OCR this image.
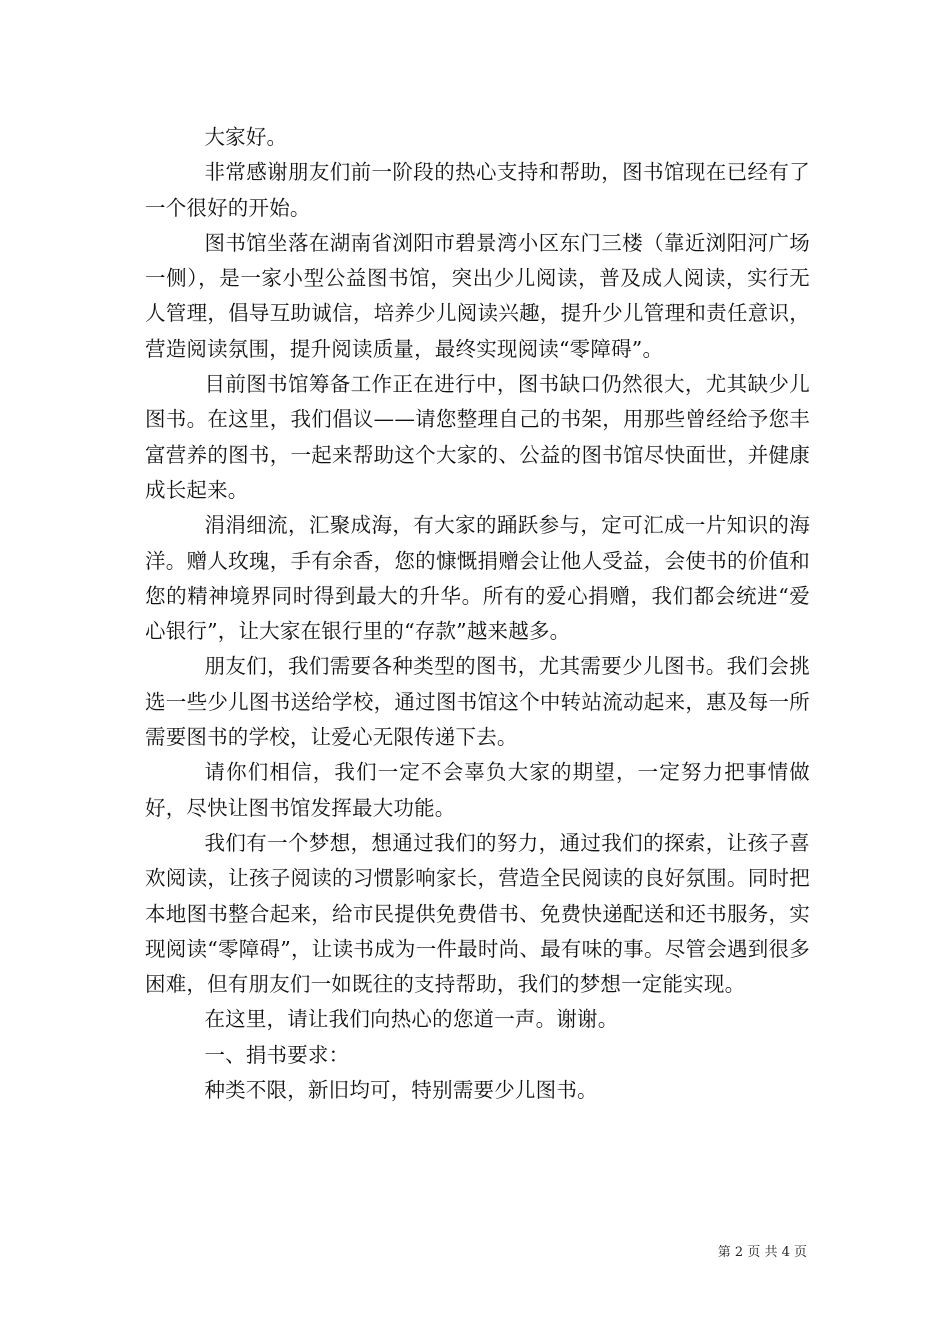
大家好。

非常感谢朋友们前一阶段的热心支持和帮助，图书馆现在已经有了一个很好的开始。

图书馆坐落在湖南省浏阳市碧景湾小区东门三楼（靠近浏阳河广场一侧），是一家小型公益图书馆，突出少儿阅读，普及成人阅读，实行无人管理，倡导互助诚信，培养少儿阅读兴趣，提升少儿管理和责任意识，营造阅读氛围，提升阅读质量，最终实现阅读“零障碍”。

目前图书馆筹备工作正在进行中，图书缺口仍然很大，尤其缺少儿图书。在这里，我们倡议——请您整理自己的书架，用那些曾经给予您丰富营养的图书，一起来帮助这个大家的、公益的图书馆尽快面世，并健康成长起来。

涓涓细流，汇聚成海，有大家的踊跃参与，定可汇成一片知识的海洋。赠人玫瑰，手有余香，您的慷慨捐赠会让他人受益，会使书的价值和您的精神境界同时得到最大的升华。所有的爱心捐赠，我们都会统进“爱心银行”，让大家在银行里的“存款”越来越多。

朋友们，我们需要各种类型的图书，尤其需要少儿图书。我们会挑选一些少儿图书送给学校，通过图书馆这个中转站流动起来，惠及每一所需要图书的学校，让爱心无限传递下去。

请你们相信，我们一定不会辜负大家的期望，一定努力把事情做好，尽快让图书馆发挥最大功能。

我们有一个梦想，想通过我们的努力，通过我们的探索，让孩子喜欢阅读，让孩子阅读的习惯影响家长，营造全民阅读的良好氛围。同时把本地图书整合起来，给市民提供免费借书、免费快递配送和还书服务，实现阅读“零障碍”，让读书成为一件最时尚、最有味的事。尽管会遇到很多困难，但有朋友们一如既往的支持帮助，我们的梦想一定能实现。

在这里，请让我们向热心的您道一声。谢谢。

一、捐书要求：

种类不限，新旧均可，特别需要少儿图书。

第 2 页 共 4 页
